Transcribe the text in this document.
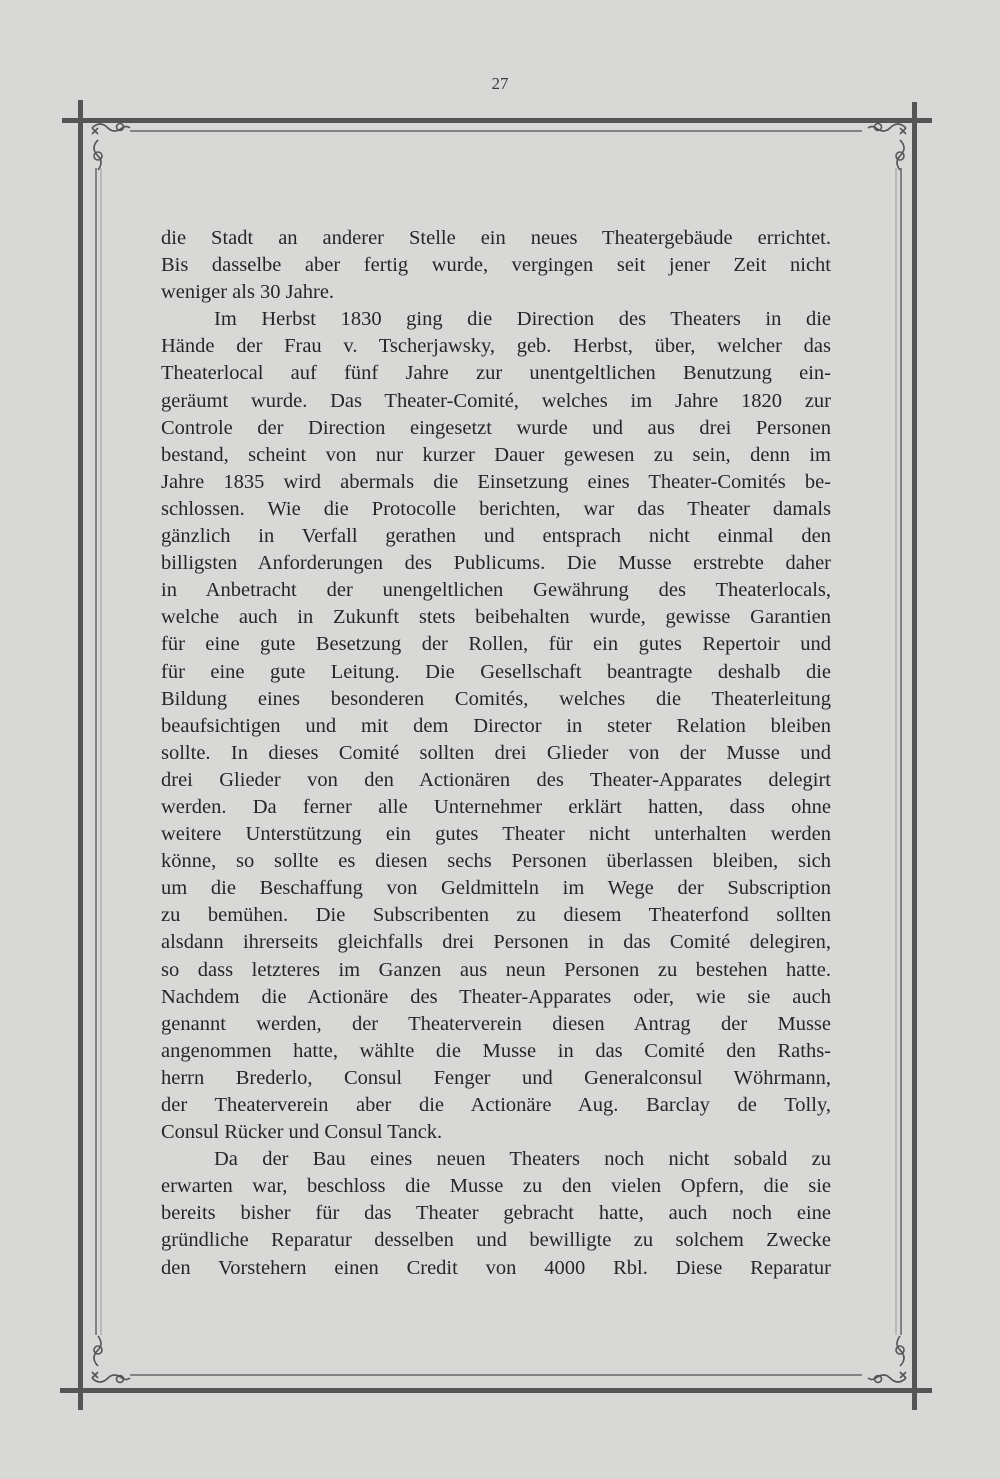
27

die Stadt an anderer Stelle ein neues Theatergebäude errichtet.
Bis dasselbe aber fertig wurde, vergingen seit jener Zeit nicht
weniger als 30 Jahre.

Im Herbst 1830 ging die Direction des Theaters in die
Hände der Frau v. Tscherjawsky, geb. Herbst, über, welcher das
Theaterlocal auf fünf Jahre zur unentgeltlichen Benutzung ein-
geräumt wurde. Das Theater-Comité, welches im Jahre 1820 zur
Controle der Direction eingesetzt wurde und aus drei Personen
bestand, scheint von nur kurzer Dauer gewesen zu sein, denn im
Jahre 1835 wird abermals die Einsetzung eines Theater-Comités be-
schlossen. Wie die Protocolle berichten, war das Theater damals
gänzlich in Verfall gerathen und entsprach nicht einmal den
billigsten Anforderungen des Publicums. Die Musse erstrebte daher
in Anbetracht der unengeltlichen Gewährung des Theaterlocals,
welche auch in Zukunft stets beibehalten wurde, gewisse Garantien
für eine gute Besetzung der Rollen, für ein gutes Repertoir und
für eine gute Leitung. Die Gesellschaft beantragte deshalb die
Bildung eines besonderen Comités, welches die Theaterleitung
beaufsichtigen und mit dem Director in steter Relation bleiben
sollte. In dieses Comité sollten drei Glieder von der Musse und
drei Glieder von den Actionären des Theater-Apparates delegirt
werden. Da ferner alle Unternehmer erklärt hatten, dass ohne
weitere Unterstützung ein gutes Theater nicht unterhalten werden
könne, so sollte es diesen sechs Personen überlassen bleiben, sich
um die Beschaffung von Geldmitteln im Wege der Subscription
zu bemühen. Die Subscribenten zu diesem Theaterfond sollten
alsdann ihrerseits gleichfalls drei Personen in das Comité delegiren,
so dass letzteres im Ganzen aus neun Personen zu bestehen hatte.
Nachdem die Actionäre des Theater-Apparates oder, wie sie auch
genannt werden, der Theaterverein diesen Antrag der Musse
angenommen hatte, wählte die Musse in das Comité den Raths-
herrn Brederlo, Consul Fenger und Generalconsul Wöhrmann,
der Theaterverein aber die Actionäre Aug. Barclay de Tolly,
Consul Rücker und Consul Tanck.

Da der Bau eines neuen Theaters noch nicht sobald zu
erwarten war, beschloss die Musse zu den vielen Opfern, die sie
bereits bisher für das Theater gebracht hatte, auch noch eine
gründliche Reparatur desselben und bewilligte zu solchem Zwecke
den Vorstehern einen Credit von 4000 Rbl. Diese Reparatur
